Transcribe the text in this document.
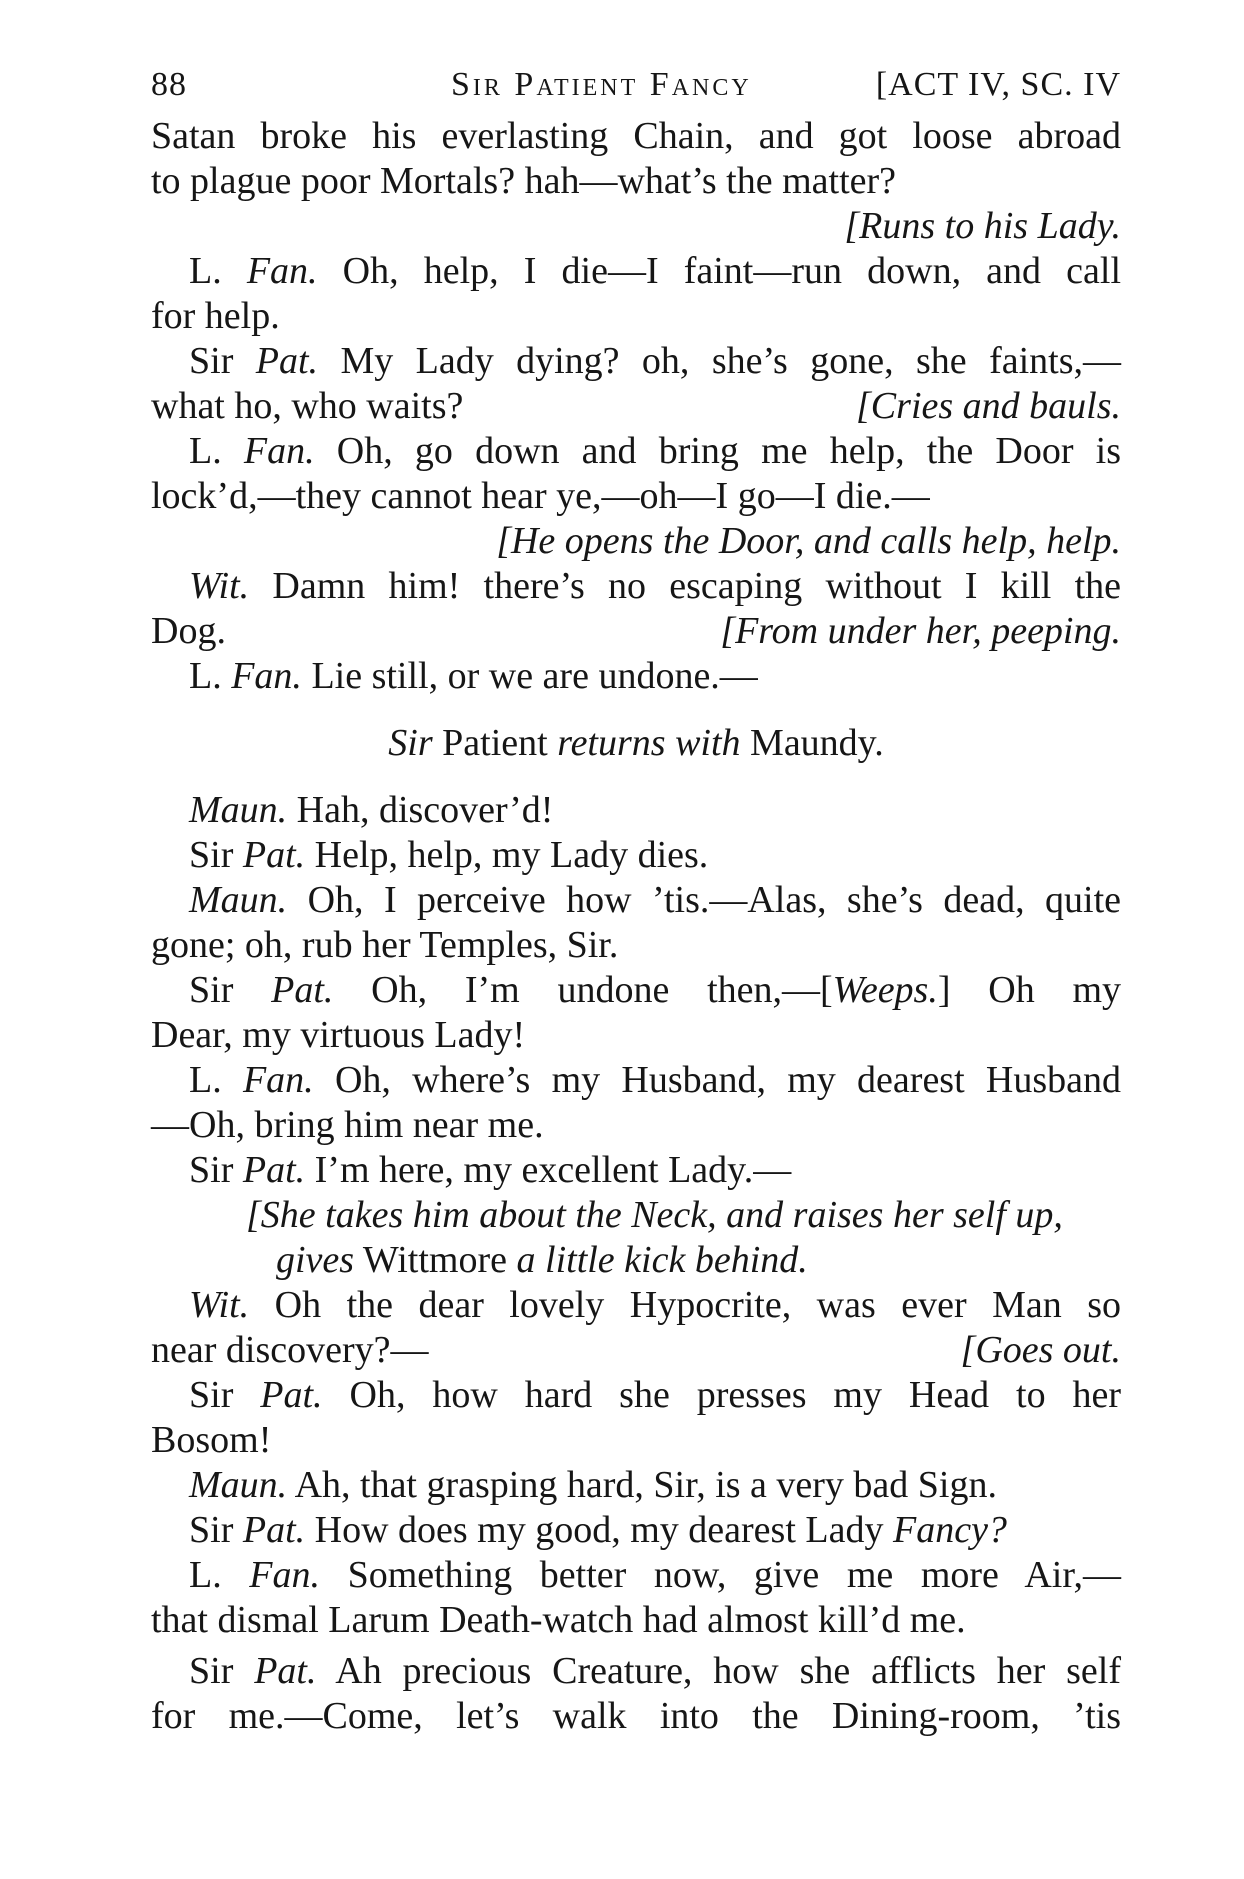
88	Sir Patient Fancy	[ACT IV, SC. IV

Satan broke his everlasting Chain, and got loose abroad

to plague poor Mortals? hah—what’s the matter?

[Runs to his Lady.

L. Fan. Oh, help, I die—I faint—run down, and call

for help.

Sir Pat. My Lady dying? oh, she’s gone, she faints,—

what ho, who waits?	[Cries and bauls.

L. Fan. Oh, go down and bring me help, the Door is

lock’d,—they cannot hear ye,—oh—I go—I die.—

[He opens the Door, and calls help, help.

Wit. Damn him! there’s no escaping without I kill the

Dog.	[From under her, peeping.

L. Fan. Lie still, or we are undone.—

Sir Patient returns with Maundy.

Maun. Hah, discover’d!

Sir Pat. Help, help, my Lady dies.

Maun. Oh, I perceive how ’tis.—Alas, she’s dead, quite

gone; oh, rub her Temples, Sir.

Sir Pat. Oh, I’m undone then,—[Weeps.] Oh my

Dear, my virtuous Lady!

L. Fan. Oh, where’s my Husband, my dearest Husband

—Oh, bring him near me.

Sir Pat. I’m here, my excellent Lady.—

[She takes him about the Neck, and raises her self up,

gives Wittmore a little kick behind.

Wit. Oh the dear lovely Hypocrite, was ever Man so

near discovery?—	[Goes out.

Sir Pat. Oh, how hard she presses my Head to her

Bosom!

Maun. Ah, that grasping hard, Sir, is a very bad Sign.

Sir Pat. How does my good, my dearest Lady Fancy?

L. Fan. Something better now, give me more Air,—

that dismal Larum Death-watch had almost kill’d me.

Sir Pat. Ah precious Creature, how she afflicts her self

for me.—Come, let’s walk into the Dining-room, ’tis
